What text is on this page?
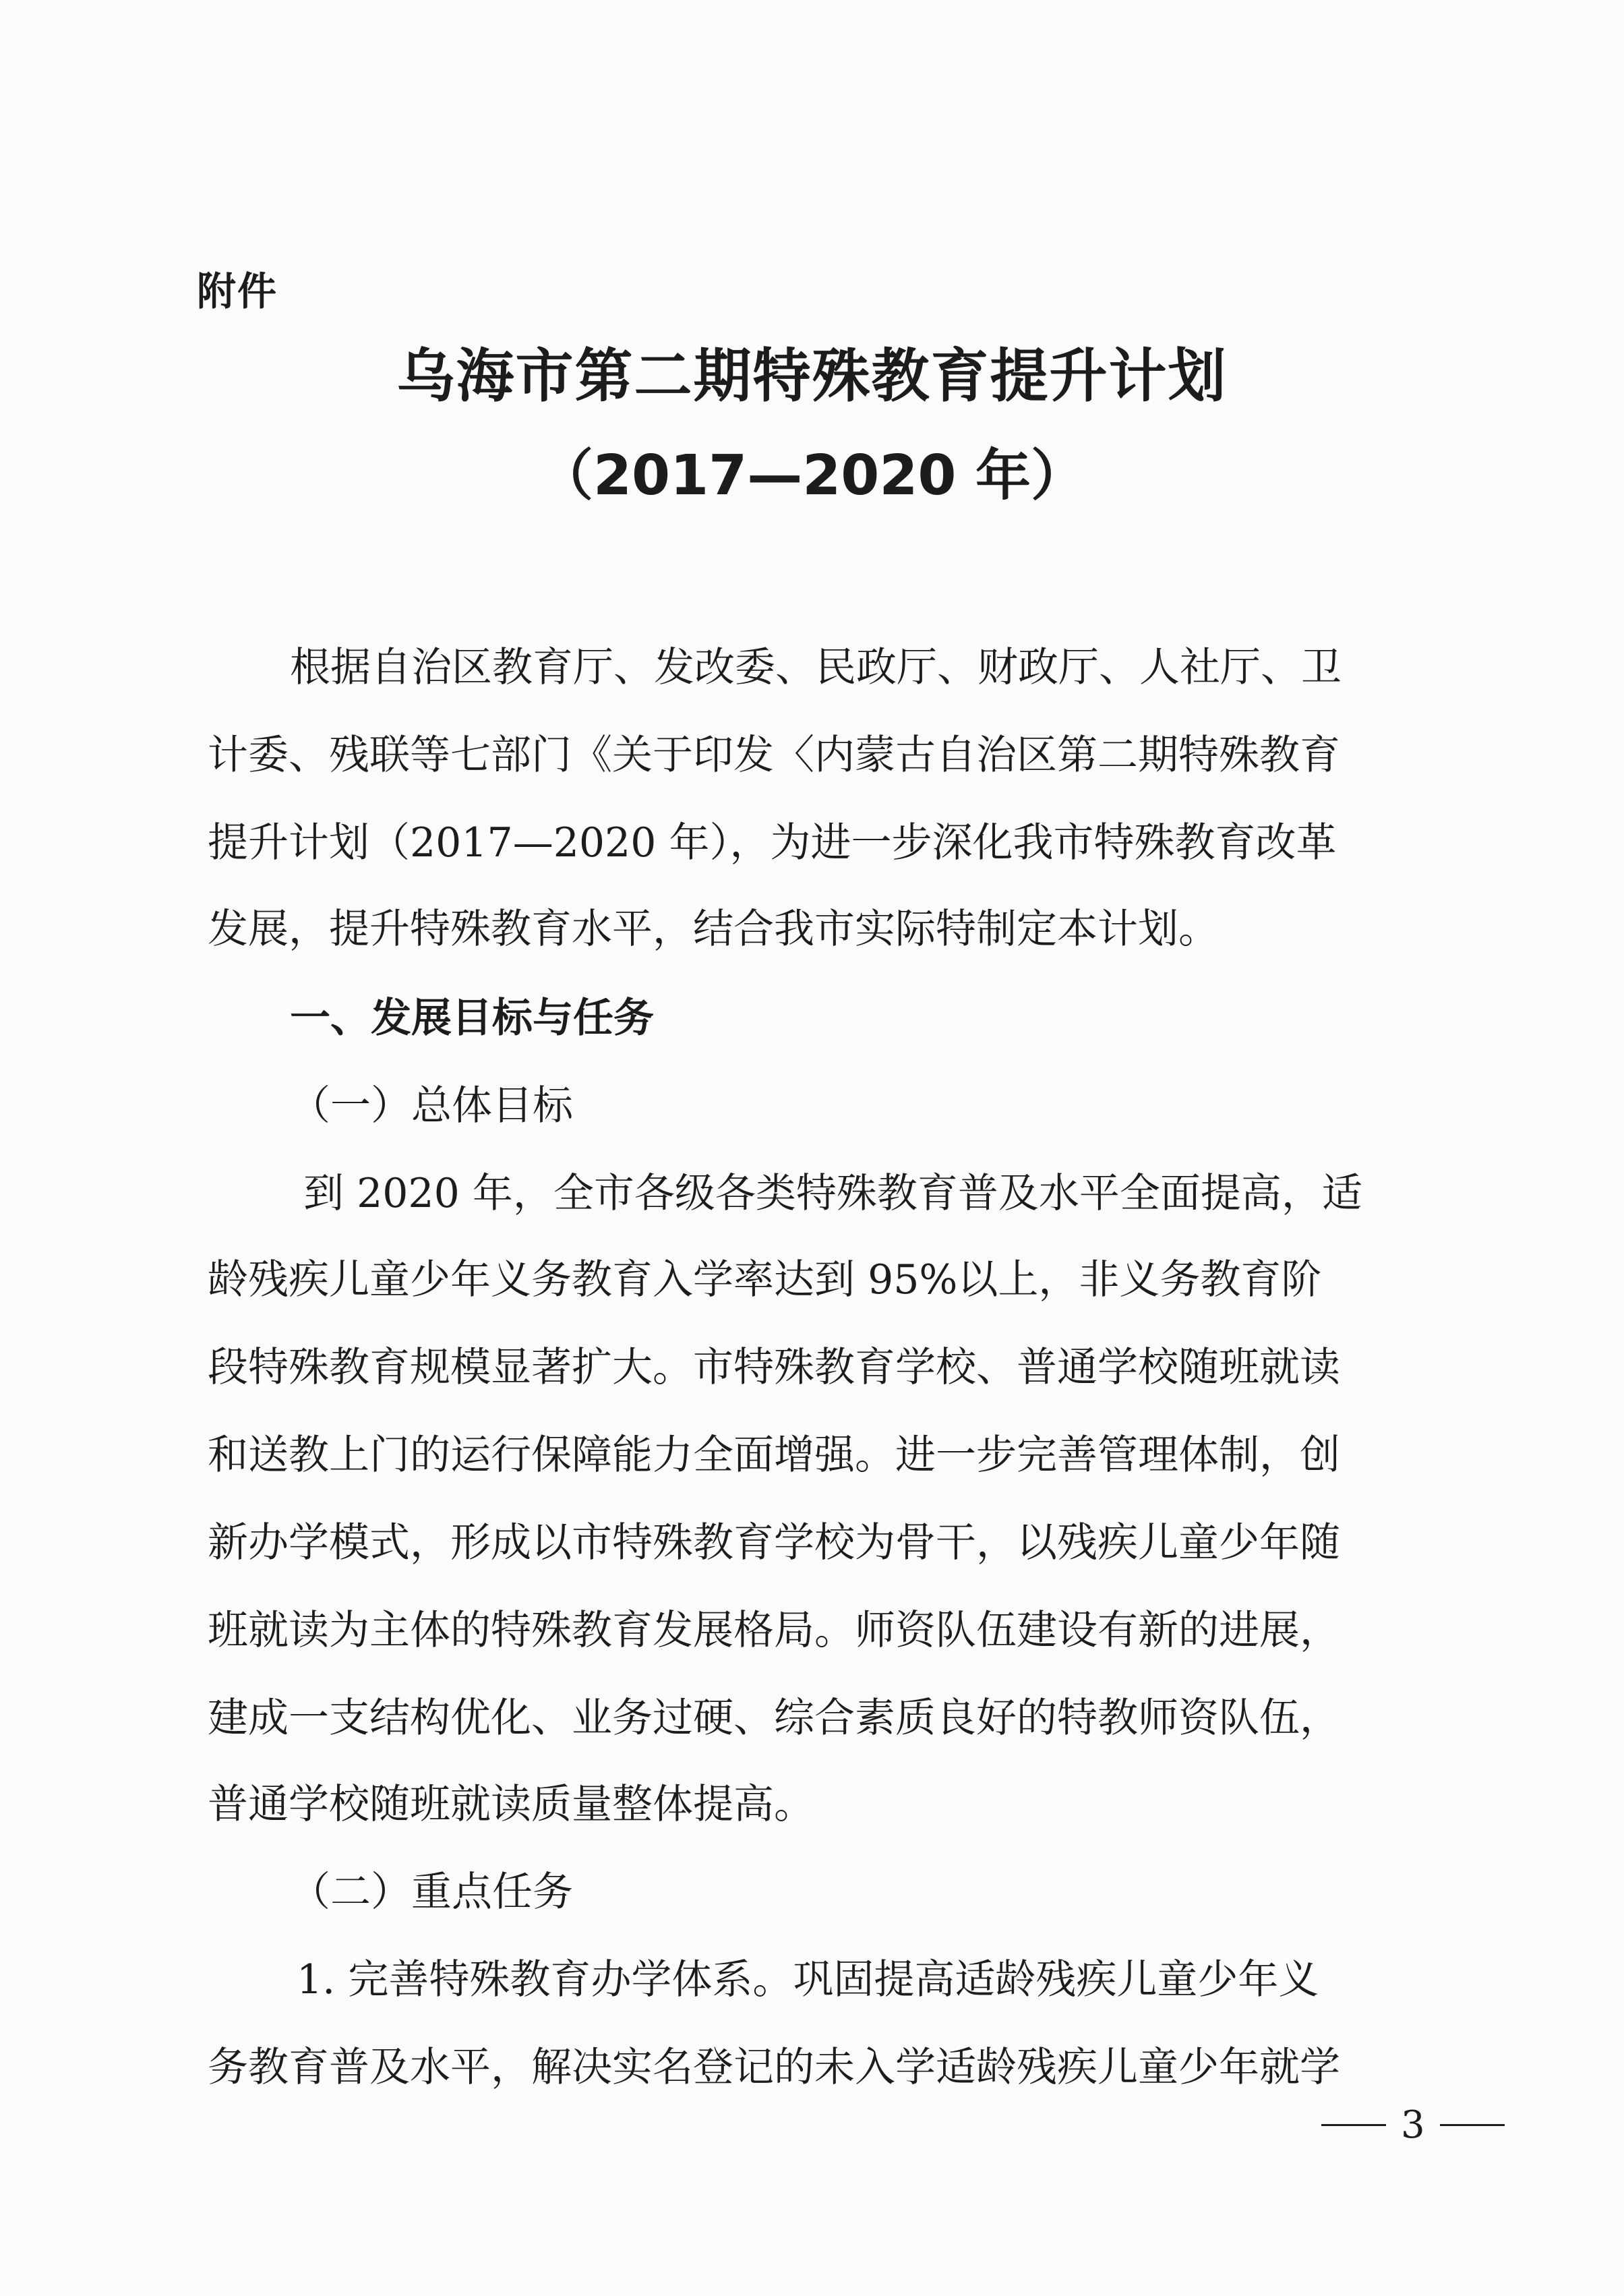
附件
乌海市第二期特殊教育提升计划
（2017—2020 年）
根据自治区教育厅、发改委、民政厅、财政厅、人社厅、卫
计委、残联等七部门《关于印发〈内蒙古自治区第二期特殊教育
提升计划（2017—2020 年），为进一步深化我市特殊教育改革
发展，提升特殊教育水平，结合我市实际特制定本计划。
一、发展目标与任务
（一）总体目标
到 2020 年，全市各级各类特殊教育普及水平全面提高，适
龄残疾儿童少年义务教育入学率达到 95%以上，非义务教育阶
段特殊教育规模显著扩大。市特殊教育学校、普通学校随班就读
和送教上门的运行保障能力全面增强。进一步完善管理体制，创
新办学模式，形成以市特殊教育学校为骨干，以残疾儿童少年随
班就读为主体的特殊教育发展格局。师资队伍建设有新的进展，
建成一支结构优化、业务过硬、综合素质良好的特教师资队伍，
普通学校随班就读质量整体提高。
（二）重点任务
1. 完善特殊教育办学体系。巩固提高适龄残疾儿童少年义
务教育普及水平，解决实名登记的未入学适龄残疾儿童少年就学
3
